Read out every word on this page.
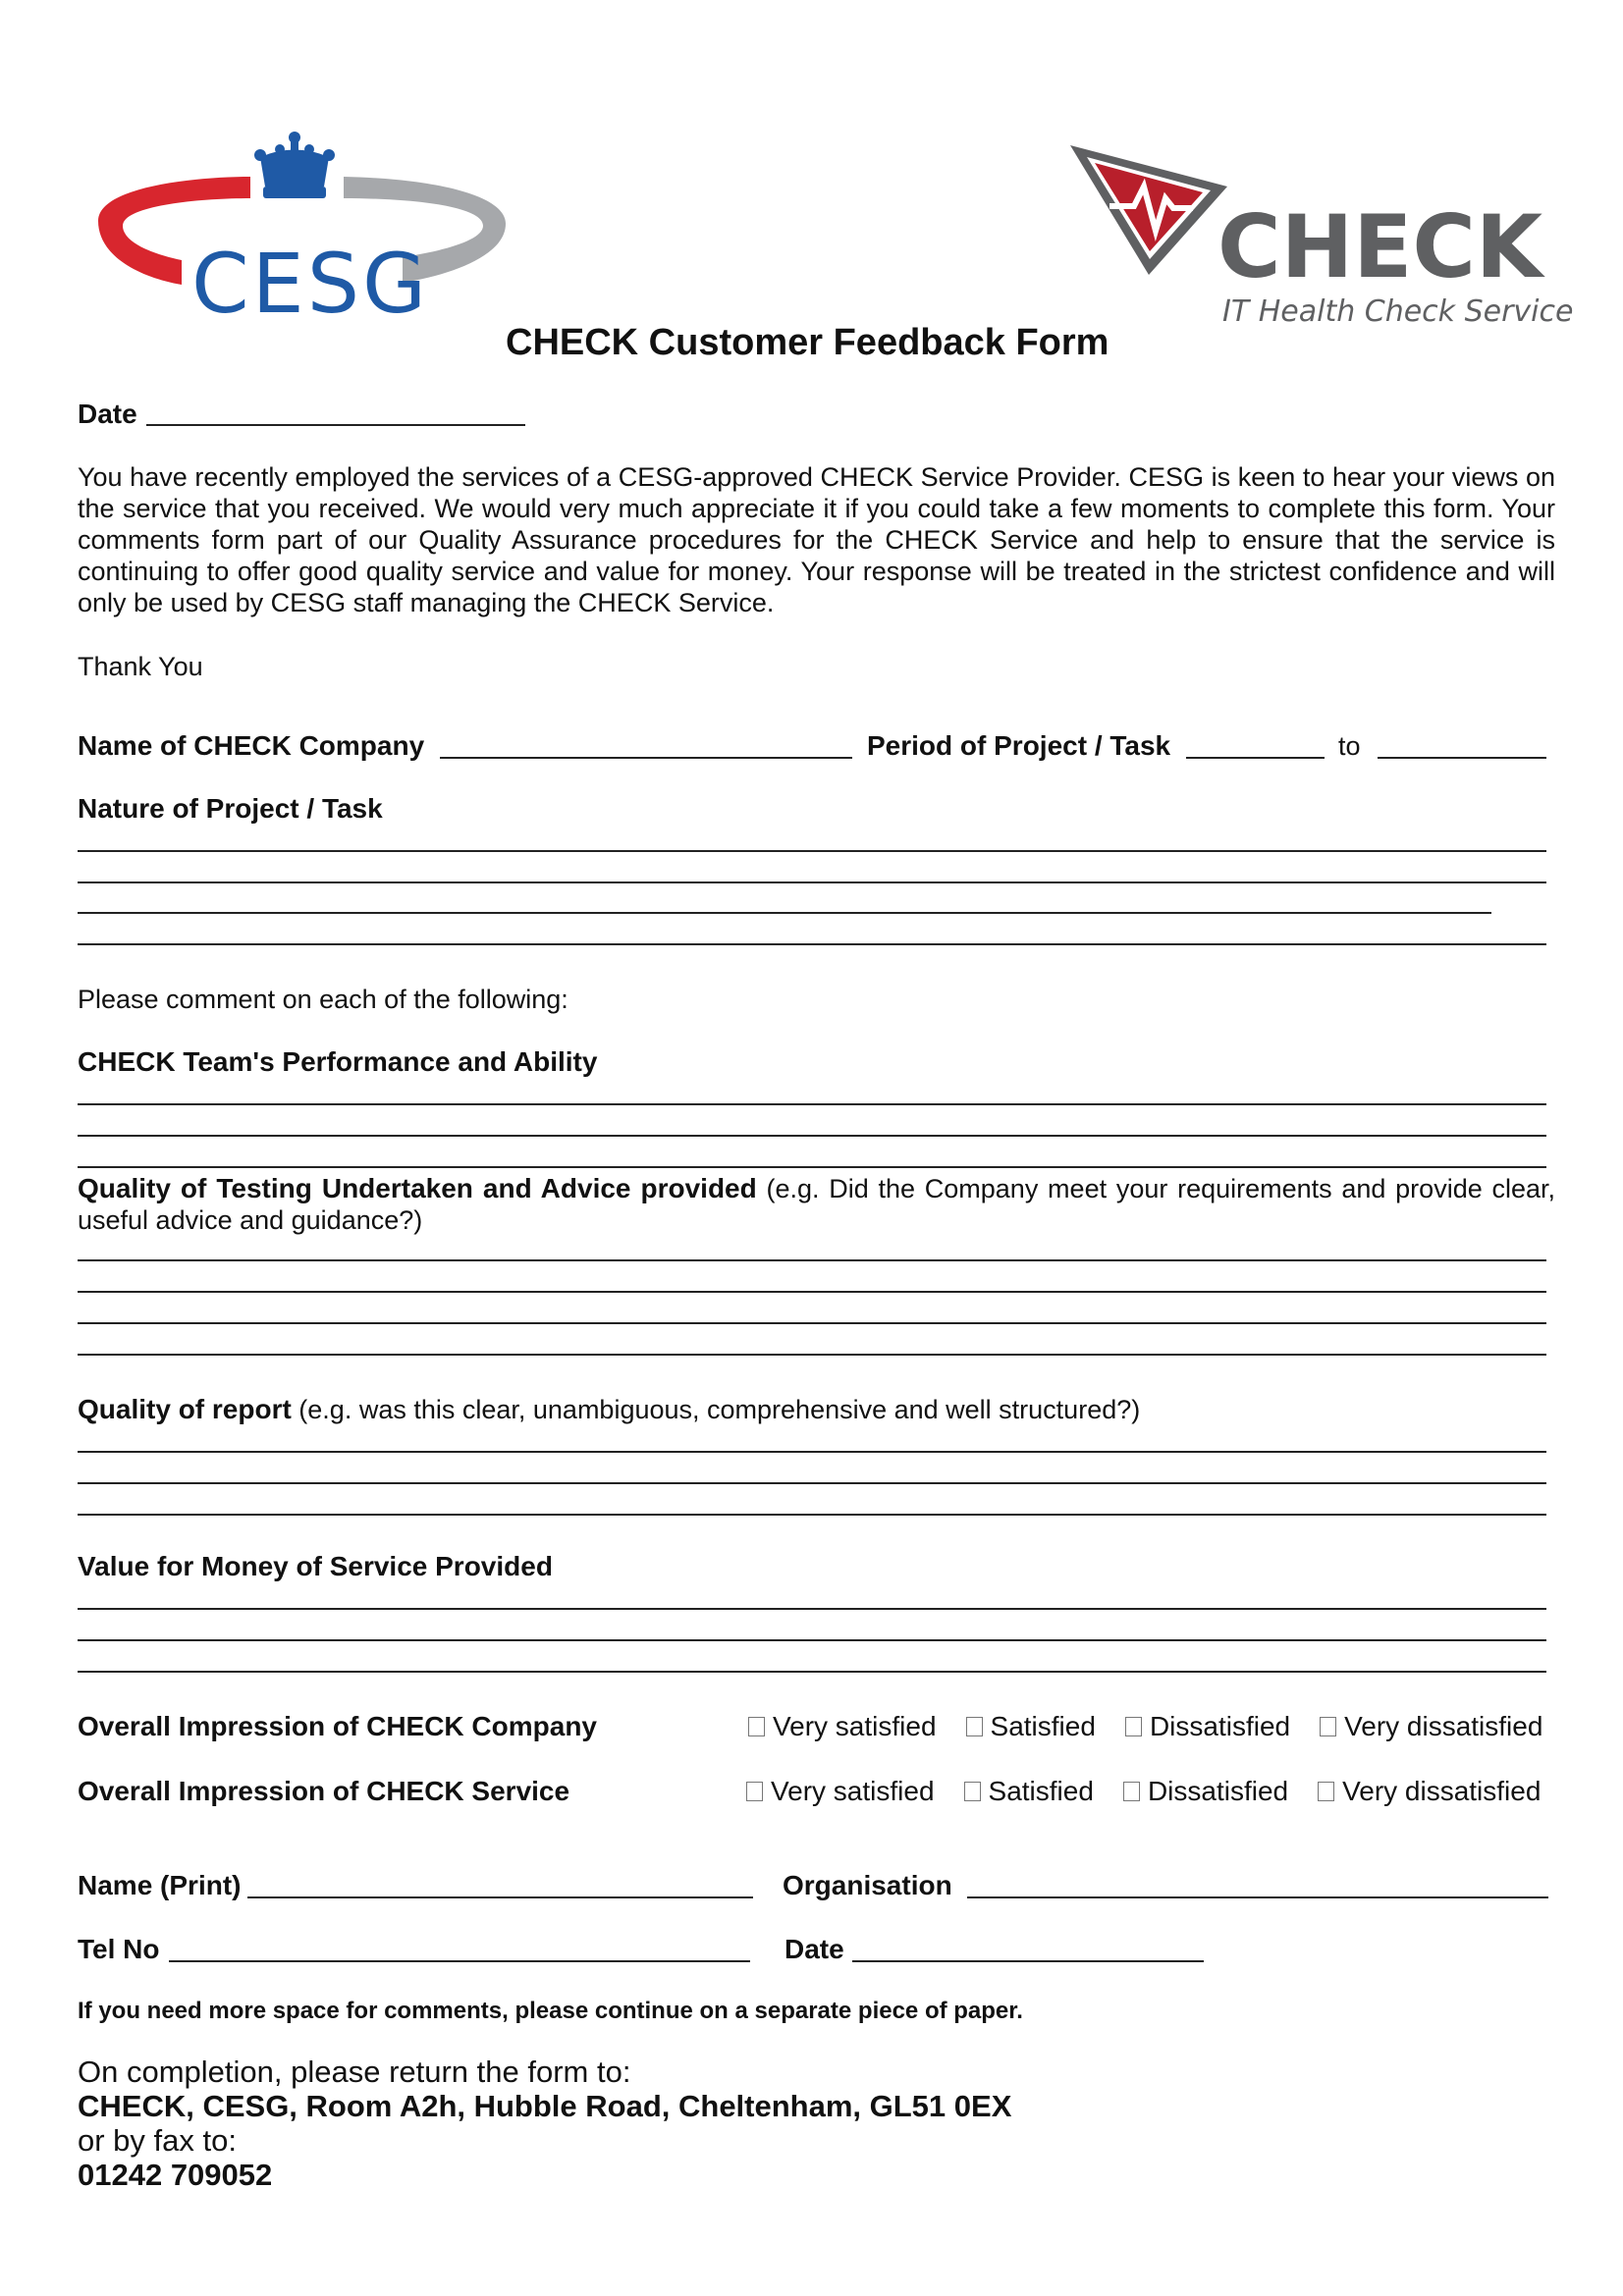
CESG	CHECK
IT Health Check Service
CHECK Customer Feedback Form
Date
You have recently employed the services of a CESG-approved CHECK Service Provider. CESG is keen to hear your views on the service that you received. We would very much appreciate it if you could take a few moments to complete this form. Your comments form part of our Quality Assurance procedures for the CHECK Service and help to ensure that the service is continuing to offer good quality service and value for money. Your response will be treated in the strictest confidence and will only be used by CESG staff managing the CHECK Service.
Thank You
Name of CHECK Company	Period of Project / Task	to
Nature of Project / Task
Please comment on each of the following:
CHECK Team's Performance and Ability
Quality of Testing Undertaken and Advice provided (e.g. Did the Company meet your requirements and provide clear, useful advice and guidance?)
Quality of report (e.g. was this clear, unambiguous, comprehensive and well structured?)
Value for Money of Service Provided
Overall Impression of CHECK Company	Very satisfied Satisfied Dissatisfied Very dissatisfied
Overall Impression of CHECK Service	Very satisfied Satisfied Dissatisfied Very dissatisfied
Name (Print)	Organisation
Tel No	Date
If you need more space for comments, please continue on a separate piece of paper.
On completion, please return the form to:
CHECK, CESG, Room A2h, Hubble Road, Cheltenham, GL51 0EX
or by fax to:
01242 709052
